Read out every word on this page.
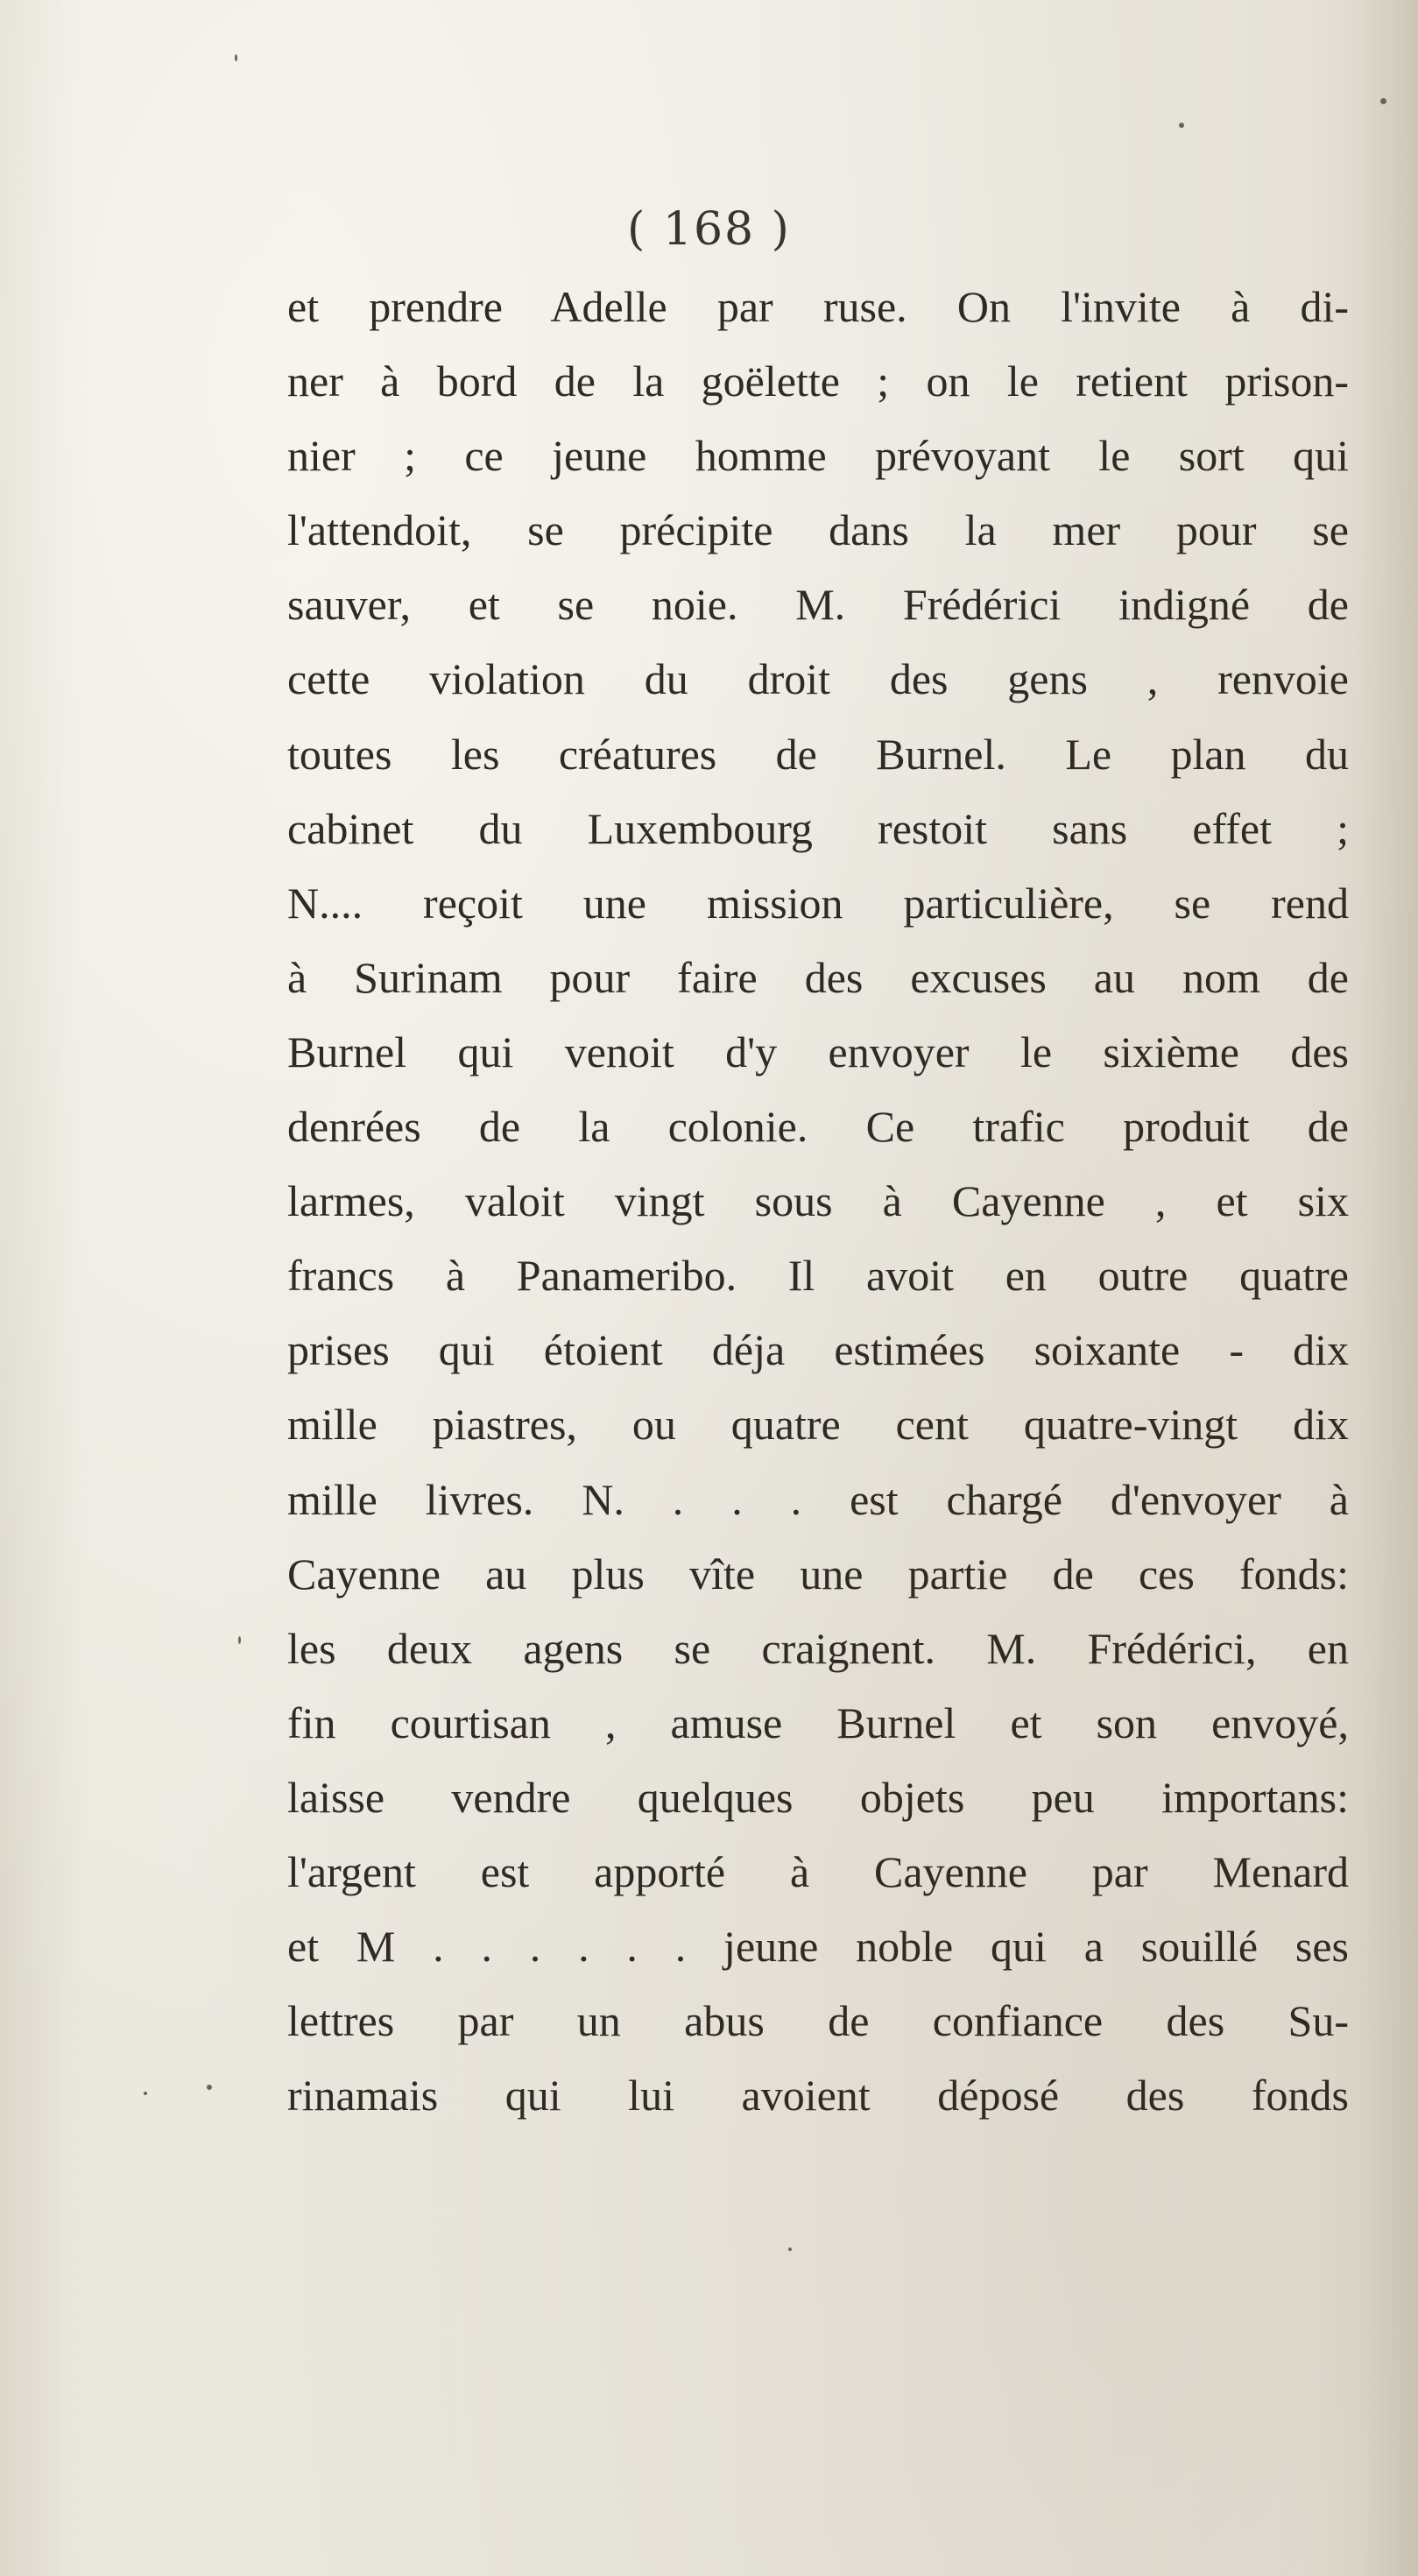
( 168 )
et prendre Adelle par ruse. On l'invite à di-
ner à bord de la goëlette ; on le retient prison-
nier ; ce jeune homme prévoyant le sort qui
l'attendoit, se précipite dans la mer pour se
sauver, et se noie. M. Frédérici indigné de
cette violation du droit des gens , renvoie
toutes les créatures de Burnel. Le plan du
cabinet du Luxembourg restoit sans effet ;
N.... reçoit une mission particulière, se rend
à Surinam pour faire des excuses au nom de
Burnel qui venoit d'y envoyer le sixième des
denrées de la colonie. Ce trafic produit de
larmes, valoit vingt sous à Cayenne , et six
francs à Panameribo. Il avoit en outre quatre
prises qui étoient déja estimées soixante - dix
mille piastres, ou quatre cent quatre-vingt dix
mille livres. N. . . . est chargé d'envoyer à
Cayenne au plus vîte une partie de ces fonds:
les deux agens se craignent. M. Frédérici, en
fin courtisan , amuse Burnel et son envoyé,
laisse vendre quelques objets peu importans:
l'argent est apporté à Cayenne par Menard
et M . . . . . . jeune noble qui a souillé ses
lettres par un abus de confiance des Su-
rinamais qui lui avoient déposé des fonds
